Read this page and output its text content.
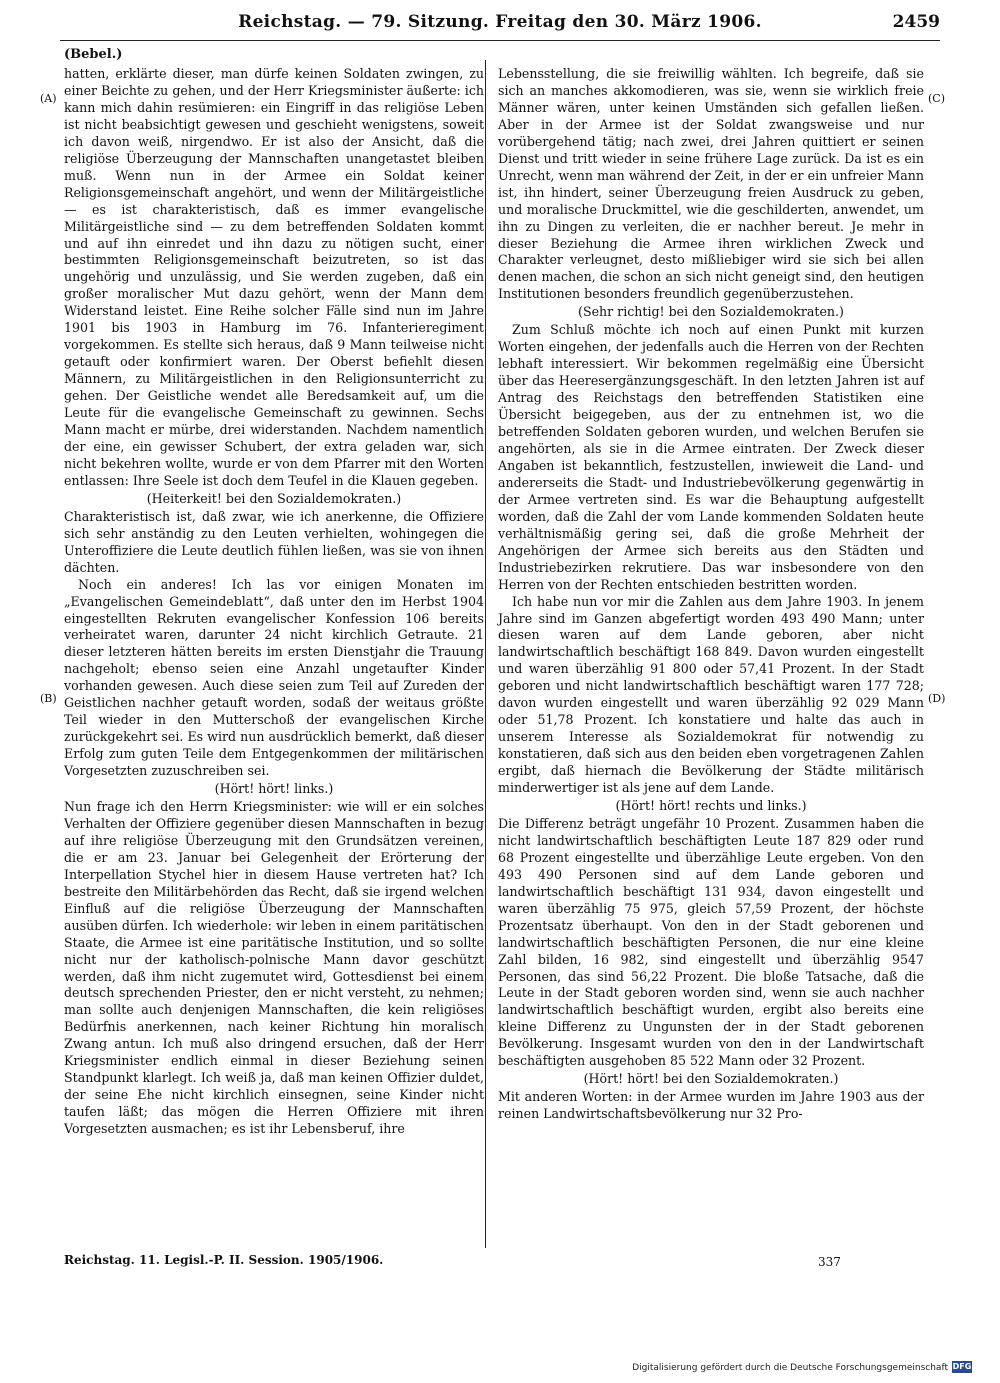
Reichstag. — 79. Sitzung. Freitag den 30. März 1906.	2459
(Bebel.)
(A)
(B)
(C)
(D)

hatten, erklärte dieser, man dürfe keinen Soldaten zwingen, zu einer Beichte zu gehen, und der Herr Kriegsminister äußerte: ich kann mich dahin resümieren: ein Eingriff in das religiöse Leben ist nicht beabsichtigt gewesen und geschieht wenigstens, soweit ich davon weiß, nirgendwo. Er ist also der Ansicht, daß die religiöse Überzeugung der Mannschaften unangetastet bleiben muß. Wenn nun in der Armee ein Soldat keiner Religionsgemeinschaft angehört, und wenn der Militärgeistliche — es ist charakteristisch, daß es immer evangelische Militärgeistliche sind — zu dem betreffenden Soldaten kommt und auf ihn einredet und ihn dazu zu nötigen sucht, einer bestimmten Religionsgemeinschaft beizutreten, so ist das ungehörig und unzulässig, und Sie werden zugeben, daß ein großer moralischer Mut dazu gehört, wenn der Mann dem Widerstand leistet. Eine Reihe solcher Fälle sind nun im Jahre 1901 bis 1903 in Hamburg im 76. Infanterieregiment vorgekommen. Es stellte sich heraus, daß 9 Mann teilweise nicht getauft oder konfirmiert waren. Der Oberst befiehlt diesen Männern, zu Militärgeistlichen in den Religionsunterricht zu gehen. Der Geistliche wendet alle Beredsamkeit auf, um die Leute für die evangelische Gemeinschaft zu gewinnen. Sechs Mann macht er mürbe, drei widerstanden. Nachdem namentlich der eine, ein gewisser Schubert, der extra geladen war, sich nicht bekehren wollte, wurde er von dem Pfarrer mit den Worten entlassen: Ihre Seele ist doch dem Teufel in die Klauen gegeben.

(Heiterkeit! bei den Sozialdemokraten.)

Charakteristisch ist, daß zwar, wie ich anerkenne, die Offiziere sich sehr anständig zu den Leuten verhielten, wohingegen die Unteroffiziere die Leute deutlich fühlen ließen, was sie von ihnen dächten.

Noch ein anderes! Ich las vor einigen Monaten im „Evangelischen Gemeindeblatt“, daß unter den im Herbst 1904 eingestellten Rekruten evangelischer Konfession 106 bereits verheiratet waren, darunter 24 nicht kirchlich Getraute. 21 dieser letzteren hätten bereits im ersten Dienstjahr die Trauung nachgeholt; ebenso seien eine Anzahl ungetaufter Kinder vorhanden gewesen. Auch diese seien zum Teil auf Zureden der Geistlichen nachher getauft worden, sodaß der weitaus größte Teil wieder in den Mutterschoß der evangelischen Kirche zurückgekehrt sei. Es wird nun ausdrücklich bemerkt, daß dieser Erfolg zum guten Teile dem Entgegenkommen der militärischen Vorgesetzten zuzuschreiben sei.

(Hört! hört! links.)

Nun frage ich den Herrn Kriegsminister: wie will er ein solches Verhalten der Offiziere gegenüber diesen Mannschaften in bezug auf ihre religiöse Überzeugung mit den Grundsätzen vereinen, die er am 23. Januar bei Gelegenheit der Erörterung der Interpellation Stychel hier in diesem Hause vertreten hat? Ich bestreite den Militärbehörden das Recht, daß sie irgend welchen Einfluß auf die religiöse Überzeugung der Mannschaften ausüben dürfen. Ich wiederhole: wir leben in einem paritätischen Staate, die Armee ist eine paritätische Institution, und so sollte nicht nur der katholisch-polnische Mann davor geschützt werden, daß ihm nicht zugemutet wird, Gottesdienst bei einem deutsch sprechenden Priester, den er nicht versteht, zu nehmen; man sollte auch denjenigen Mannschaften, die kein religiöses Bedürfnis anerkennen, nach keiner Richtung hin moralisch Zwang antun. Ich muß also dringend ersuchen, daß der Herr Kriegsminister endlich einmal in dieser Beziehung seinen Standpunkt klarlegt. Ich weiß ja, daß man keinen Offizier duldet, der seine Ehe nicht kirchlich einsegnen, seine Kinder nicht taufen läßt; das mögen die Herren Offiziere mit ihren Vorgesetzten ausmachen; es ist ihr Lebensberuf, ihre

Lebensstellung, die sie freiwillig wählten. Ich begreife, daß sie sich an manches akkomodieren, was sie, wenn sie wirklich freie Männer wären, unter keinen Umständen sich gefallen ließen. Aber in der Armee ist der Soldat zwangsweise und nur vorübergehend tätig; nach zwei, drei Jahren quittiert er seinen Dienst und tritt wieder in seine frühere Lage zurück. Da ist es ein Unrecht, wenn man während der Zeit, in der er ein unfreier Mann ist, ihn hindert, seiner Überzeugung freien Ausdruck zu geben, und moralische Druckmittel, wie die geschilderten, anwendet, um ihn zu Dingen zu verleiten, die er nachher bereut. Je mehr in dieser Beziehung die Armee ihren wirklichen Zweck und Charakter verleugnet, desto mißliebiger wird sie sich bei allen denen machen, die schon an sich nicht geneigt sind, den heutigen Institutionen besonders freundlich gegenüberzustehen.

(Sehr richtig! bei den Sozialdemokraten.)

Zum Schluß möchte ich noch auf einen Punkt mit kurzen Worten eingehen, der jedenfalls auch die Herren von der Rechten lebhaft interessiert. Wir bekommen regelmäßig eine Übersicht über das Heeresergänzungsgeschäft. In den letzten Jahren ist auf Antrag des Reichstags den betreffenden Statistiken eine Übersicht beigegeben, aus der zu entnehmen ist, wo die betreffenden Soldaten geboren wurden, und welchen Berufen sie angehörten, als sie in die Armee eintraten. Der Zweck dieser Angaben ist bekanntlich, festzustellen, inwieweit die Land- und andererseits die Stadt- und Industriebevölkerung gegenwärtig in der Armee vertreten sind. Es war die Behauptung aufgestellt worden, daß die Zahl der vom Lande kommenden Soldaten heute verhältnismäßig gering sei, daß die große Mehrheit der Angehörigen der Armee sich bereits aus den Städten und Industriebezirken rekrutiere. Das war insbesondere von den Herren von der Rechten entschieden bestritten worden.

Ich habe nun vor mir die Zahlen aus dem Jahre 1903. In jenem Jahre sind im Ganzen abgefertigt worden 493 490 Mann; unter diesen waren auf dem Lande geboren, aber nicht landwirtschaftlich beschäftigt 168 849. Davon wurden eingestellt und waren überzählig 91 800 oder 57,41 Prozent. In der Stadt geboren und nicht landwirtschaftlich beschäftigt waren 177 728; davon wurden eingestellt und waren überzählig 92 029 Mann oder 51,78 Prozent. Ich konstatiere und halte das auch in unserem Interesse als Sozialdemokrat für notwendig zu konstatieren, daß sich aus den beiden eben vorgetragenen Zahlen ergibt, daß hiernach die Bevölkerung der Städte militärisch minderwertiger ist als jene auf dem Lande.

(Hört! hört! rechts und links.)

Die Differenz beträgt ungefähr 10 Prozent. Zusammen haben die nicht landwirtschaftlich beschäftigten Leute 187 829 oder rund 68 Prozent eingestellte und überzählige Leute ergeben. Von den 493 490 Personen sind auf dem Lande geboren und landwirtschaftlich beschäftigt 131 934, davon eingestellt und waren überzählig 75 975, gleich 57,59 Prozent, der höchste Prozentsatz überhaupt. Von den in der Stadt geborenen und landwirtschaftlich beschäftigten Personen, die nur eine kleine Zahl bilden, 16 982, sind eingestellt und überzählig 9547 Personen, das sind 56,22 Prozent. Die bloße Tatsache, daß die Leute in der Stadt geboren worden sind, wenn sie auch nachher landwirtschaftlich beschäftigt wurden, ergibt also bereits eine kleine Differenz zu Ungunsten der in der Stadt geborenen Bevölkerung. Insgesamt wurden von den in der Landwirtschaft beschäftigten ausgehoben 85 522 Mann oder 32 Prozent.

(Hört! hört! bei den Sozialdemokraten.)

Mit anderen Worten: in der Armee wurden im Jahre 1903 aus der reinen Landwirtschaftsbevölkerung nur 32 Pro-

Reichstag. 11. Legisl.-P. II. Session. 1905/1906.	337
Digitalisierung gefördert durch die Deutsche Forschungsgemeinschaft DFG
